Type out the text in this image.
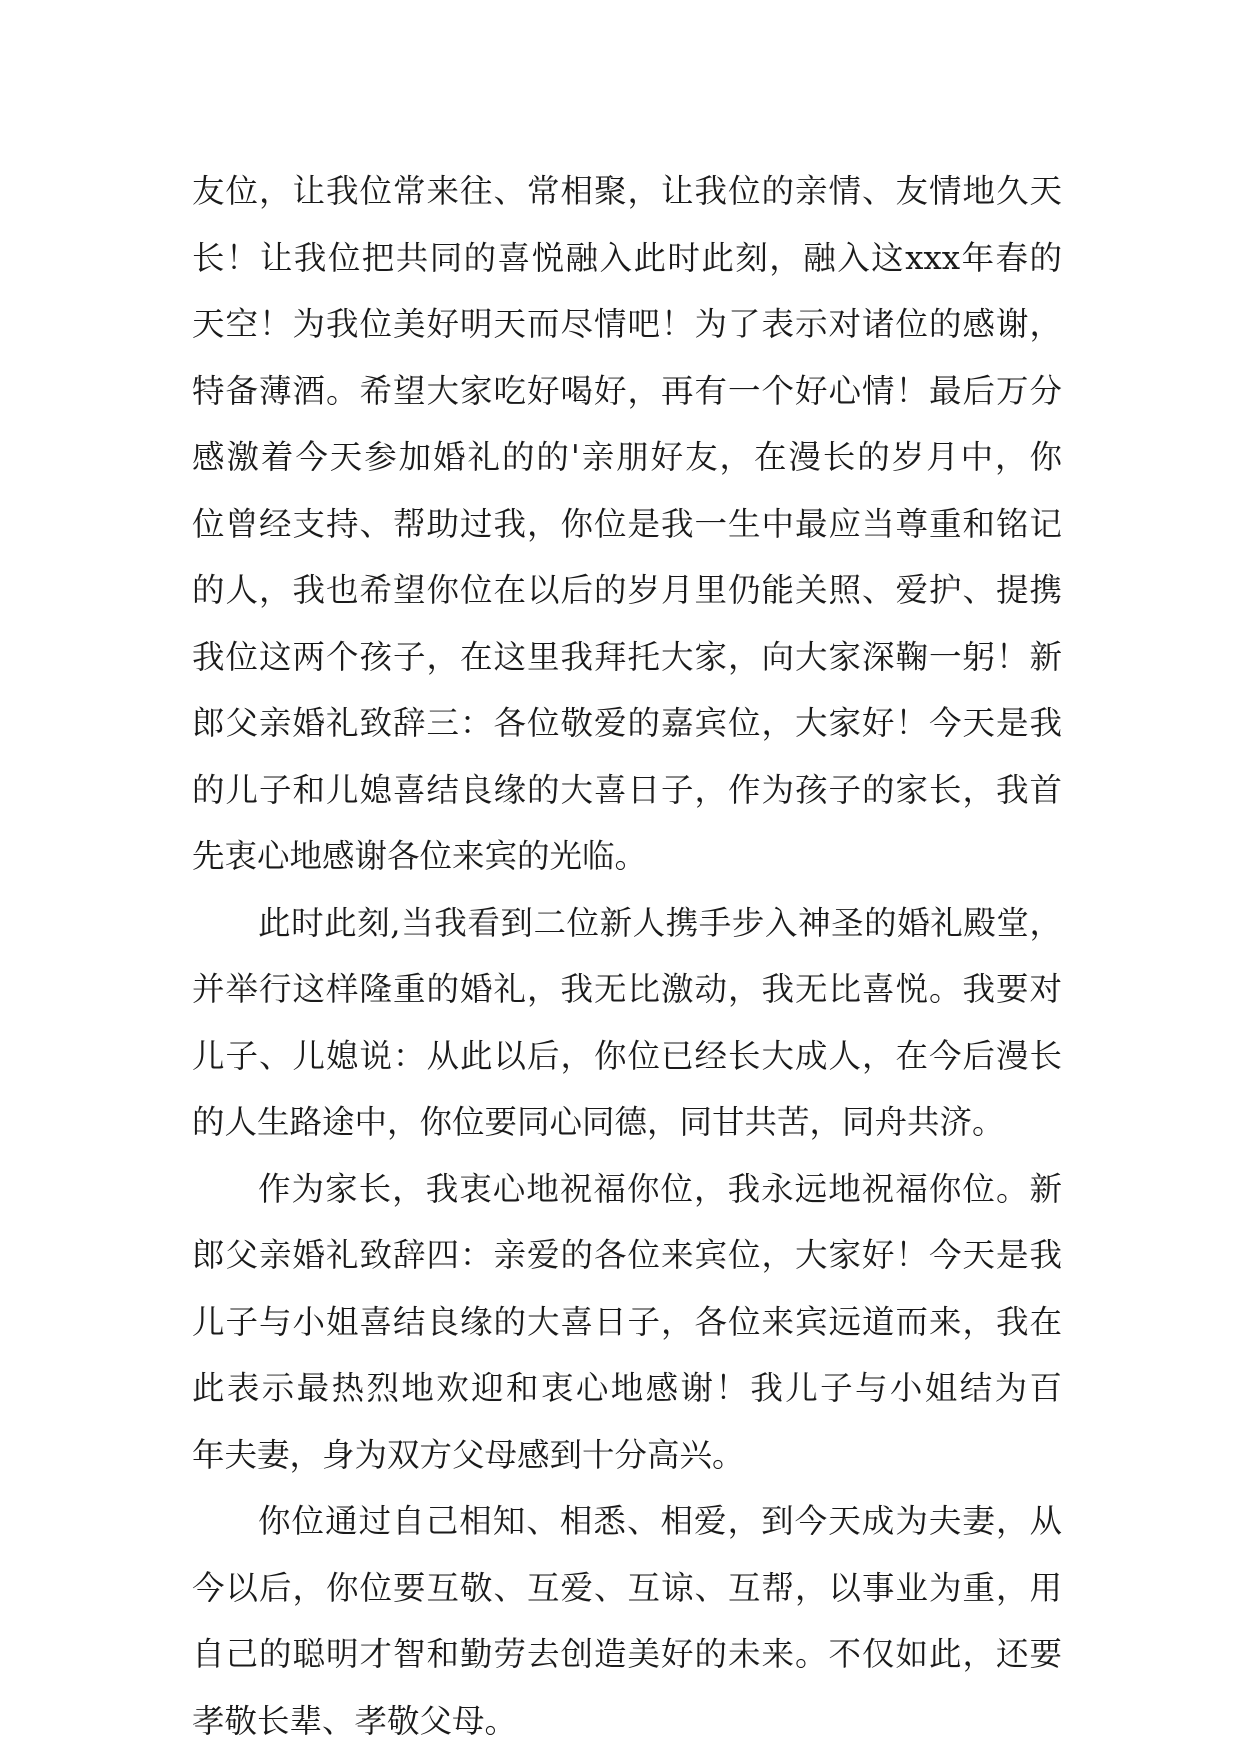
友位，让我位常来往、常相聚，让我位的亲情、友情地久天
长！让我位把共同的喜悦融入此时此刻，融入这xxx年春的
天空！为我位美好明天而尽情吧！为了表示对诸位的感谢，
特备薄酒。希望大家吃好喝好，再有一个好心情！最后万分
感激着今天参加婚礼的的'亲朋好友，在漫长的岁月中，你
位曾经支持、帮助过我，你位是我一生中最应当尊重和铭记
的人，我也希望你位在以后的岁月里仍能关照、爱护、提携
我位这两个孩子，在这里我拜托大家，向大家深鞠一躬！新
郎父亲婚礼致辞三：各位敬爱的嘉宾位，大家好！今天是我
的儿子和儿媳喜结良缘的大喜日子，作为孩子的家长，我首
先衷心地感谢各位来宾的光临。
此时此刻,当我看到二位新人携手步入神圣的婚礼殿堂，
并举行这样隆重的婚礼，我无比激动，我无比喜悦。我要对
儿子、儿媳说：从此以后，你位已经长大成人，在今后漫长
的人生路途中，你位要同心同德，同甘共苦，同舟共济。
作为家长，我衷心地祝福你位，我永远地祝福你位。新
郎父亲婚礼致辞四：亲爱的各位来宾位，大家好！今天是我
儿子与小姐喜结良缘的大喜日子，各位来宾远道而来，我在
此表示最热烈地欢迎和衷心地感谢！我儿子与小姐结为百
年夫妻，身为双方父母感到十分高兴。
你位通过自己相知、相悉、相爱，到今天成为夫妻，从
今以后，你位要互敬、互爱、互谅、互帮，以事业为重，用
自己的聪明才智和勤劳去创造美好的未来。不仅如此，还要
孝敬长辈、孝敬父母。
